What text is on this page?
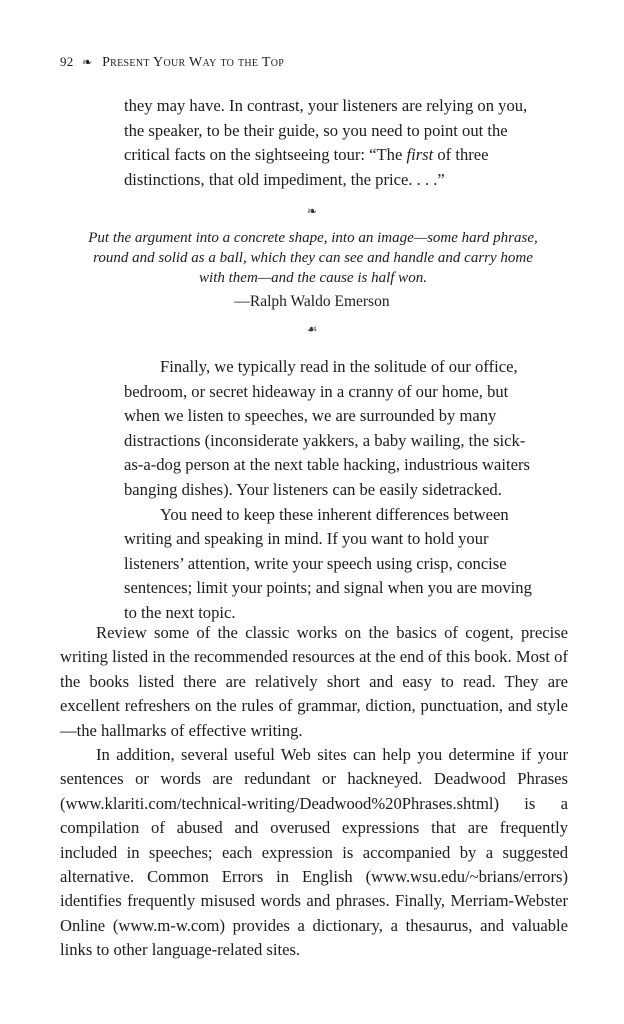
92 ❧ Present Your Way to the Top

they may have. In contrast, your listeners are relying on you, the speaker, to be their guide, so you need to point out the critical facts on the sightseeing tour: “The first of three distinctions, that old impediment, the price. . . .”

❧

Put the argument into a concrete shape, into an image—some hard phrase, round and solid as a ball, which they can see and handle and carry home with them—and the cause is half won.

—Ralph Waldo Emerson
☙

Finally, we typically read in the solitude of our office, bedroom, or secret hideaway in a cranny of our home, but when we listen to speeches, we are surrounded by many distractions (inconsiderate yakkers, a baby wailing, the sick-as-a-dog person at the next table hacking, industrious waiters banging dishes). Your listeners can be easily sidetracked.

You need to keep these inherent differences between writing and speaking in mind. If you want to hold your listeners’ attention, write your speech using crisp, concise sentences; limit your points; and signal when you are moving to the next topic.

Review some of the classic works on the basics of cogent, precise writing listed in the recommended resources at the end of this book. Most of the books listed there are relatively short and easy to read. They are excellent refreshers on the rules of grammar, diction, punctuation, and style—the hallmarks of effective writing.

In addition, several useful Web sites can help you determine if your sentences or words are redundant or hackneyed. Deadwood Phrases (www.klariti.com/technical-writing/Deadwood%20Phrases.shtml) is a compilation of abused and overused expressions that are frequently included in speeches; each expression is accompanied by a suggested alternative. Common Errors in English (www.wsu.edu/~brians/errors) identifies frequently misused words and phrases. Finally, Merriam-Webster Online (www.m-w.com) provides a dictionary, a thesaurus, and valuable links to other language-related sites.
